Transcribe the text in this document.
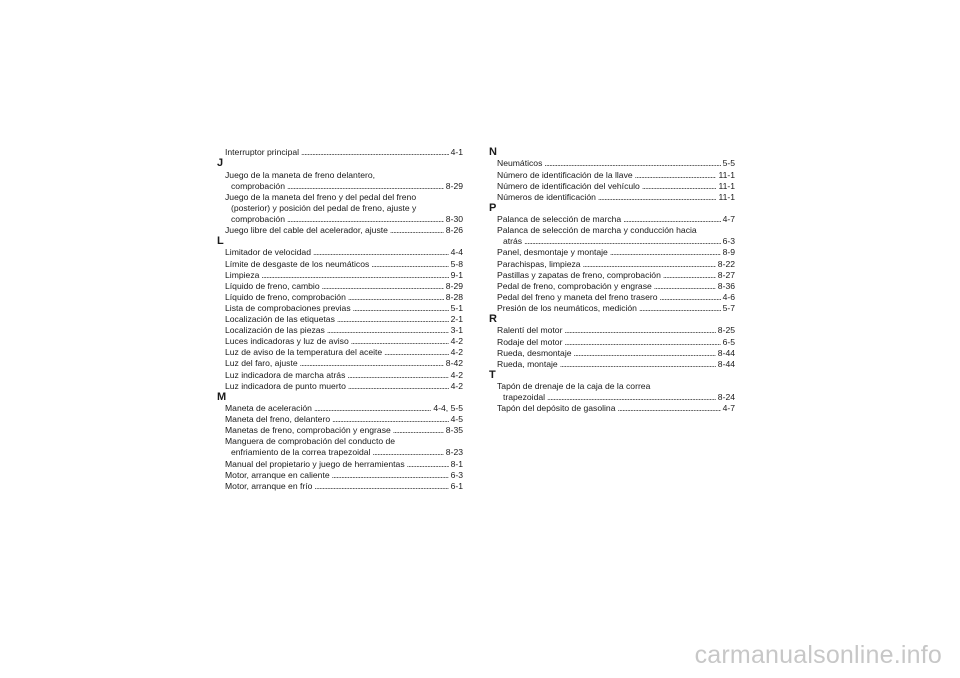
Interruptor principal . . .	4-1
J
Juego de la maneta de freno delantero,
comprobación . . .	8-29
Juego de la maneta del freno y del pedal del freno
(posterior) y posición del pedal de freno, ajuste y
comprobación . . .	8-30
Juego libre del cable del acelerador, ajuste . . .	8-26
L
Limitador de velocidad . . .	4-4
Límite de desgaste de los neumáticos . . .	5-8
Limpieza . . .	9-1
Líquido de freno, cambio . . .	8-29
Líquido de freno, comprobación . . .	8-28
Lista de comprobaciones previas . . .	5-1
Localización de las etiquetas . . .	2-1
Localización de las piezas . . .	3-1
Luces indicadoras y luz de aviso . . .	4-2
Luz de aviso de la temperatura del aceite . . .	4-2
Luz del faro, ajuste . . .	8-42
Luz indicadora de marcha atrás . . .	4-2
Luz indicadora de punto muerto . . .	4-2
M
Maneta de aceleración . . .	4-4, 5-5
Maneta del freno, delantero . . .	4-5
Manetas de freno, comprobación y engrase . . .	8-35
Manguera de comprobación del conducto de
enfriamiento de la correa trapezoidal . . .	8-23
Manual del propietario y juego de herramientas . . .	8-1
Motor, arranque en caliente . . .	6-3
Motor, arranque en frío . . .	6-1
N
Neumáticos . . .	5-5
Número de identificación de la llave . . .	11-1
Número de identificación del vehículo . . .	11-1
Números de identificación . . .	11-1
P
Palanca de selección de marcha . . .	4-7
Palanca de selección de marcha y conducción hacia
atrás . . .	6-3
Panel, desmontaje y montaje . . .	8-9
Parachispas, limpieza . . .	8-22
Pastillas y zapatas de freno, comprobación . . .	8-27
Pedal de freno, comprobación y engrase . . .	8-36
Pedal del freno y maneta del freno trasero . . .	4-6
Presión de los neumáticos, medición . . .	5-7
R
Ralentí del motor . . .	8-25
Rodaje del motor . . .	6-5
Rueda, desmontaje . . .	8-44
Rueda, montaje . . .	8-44
T
Tapón de drenaje de la caja de la correa
trapezoidal . . .	8-24
Tapón del depósito de gasolina . . .	4-7
carmanualsonline.info
